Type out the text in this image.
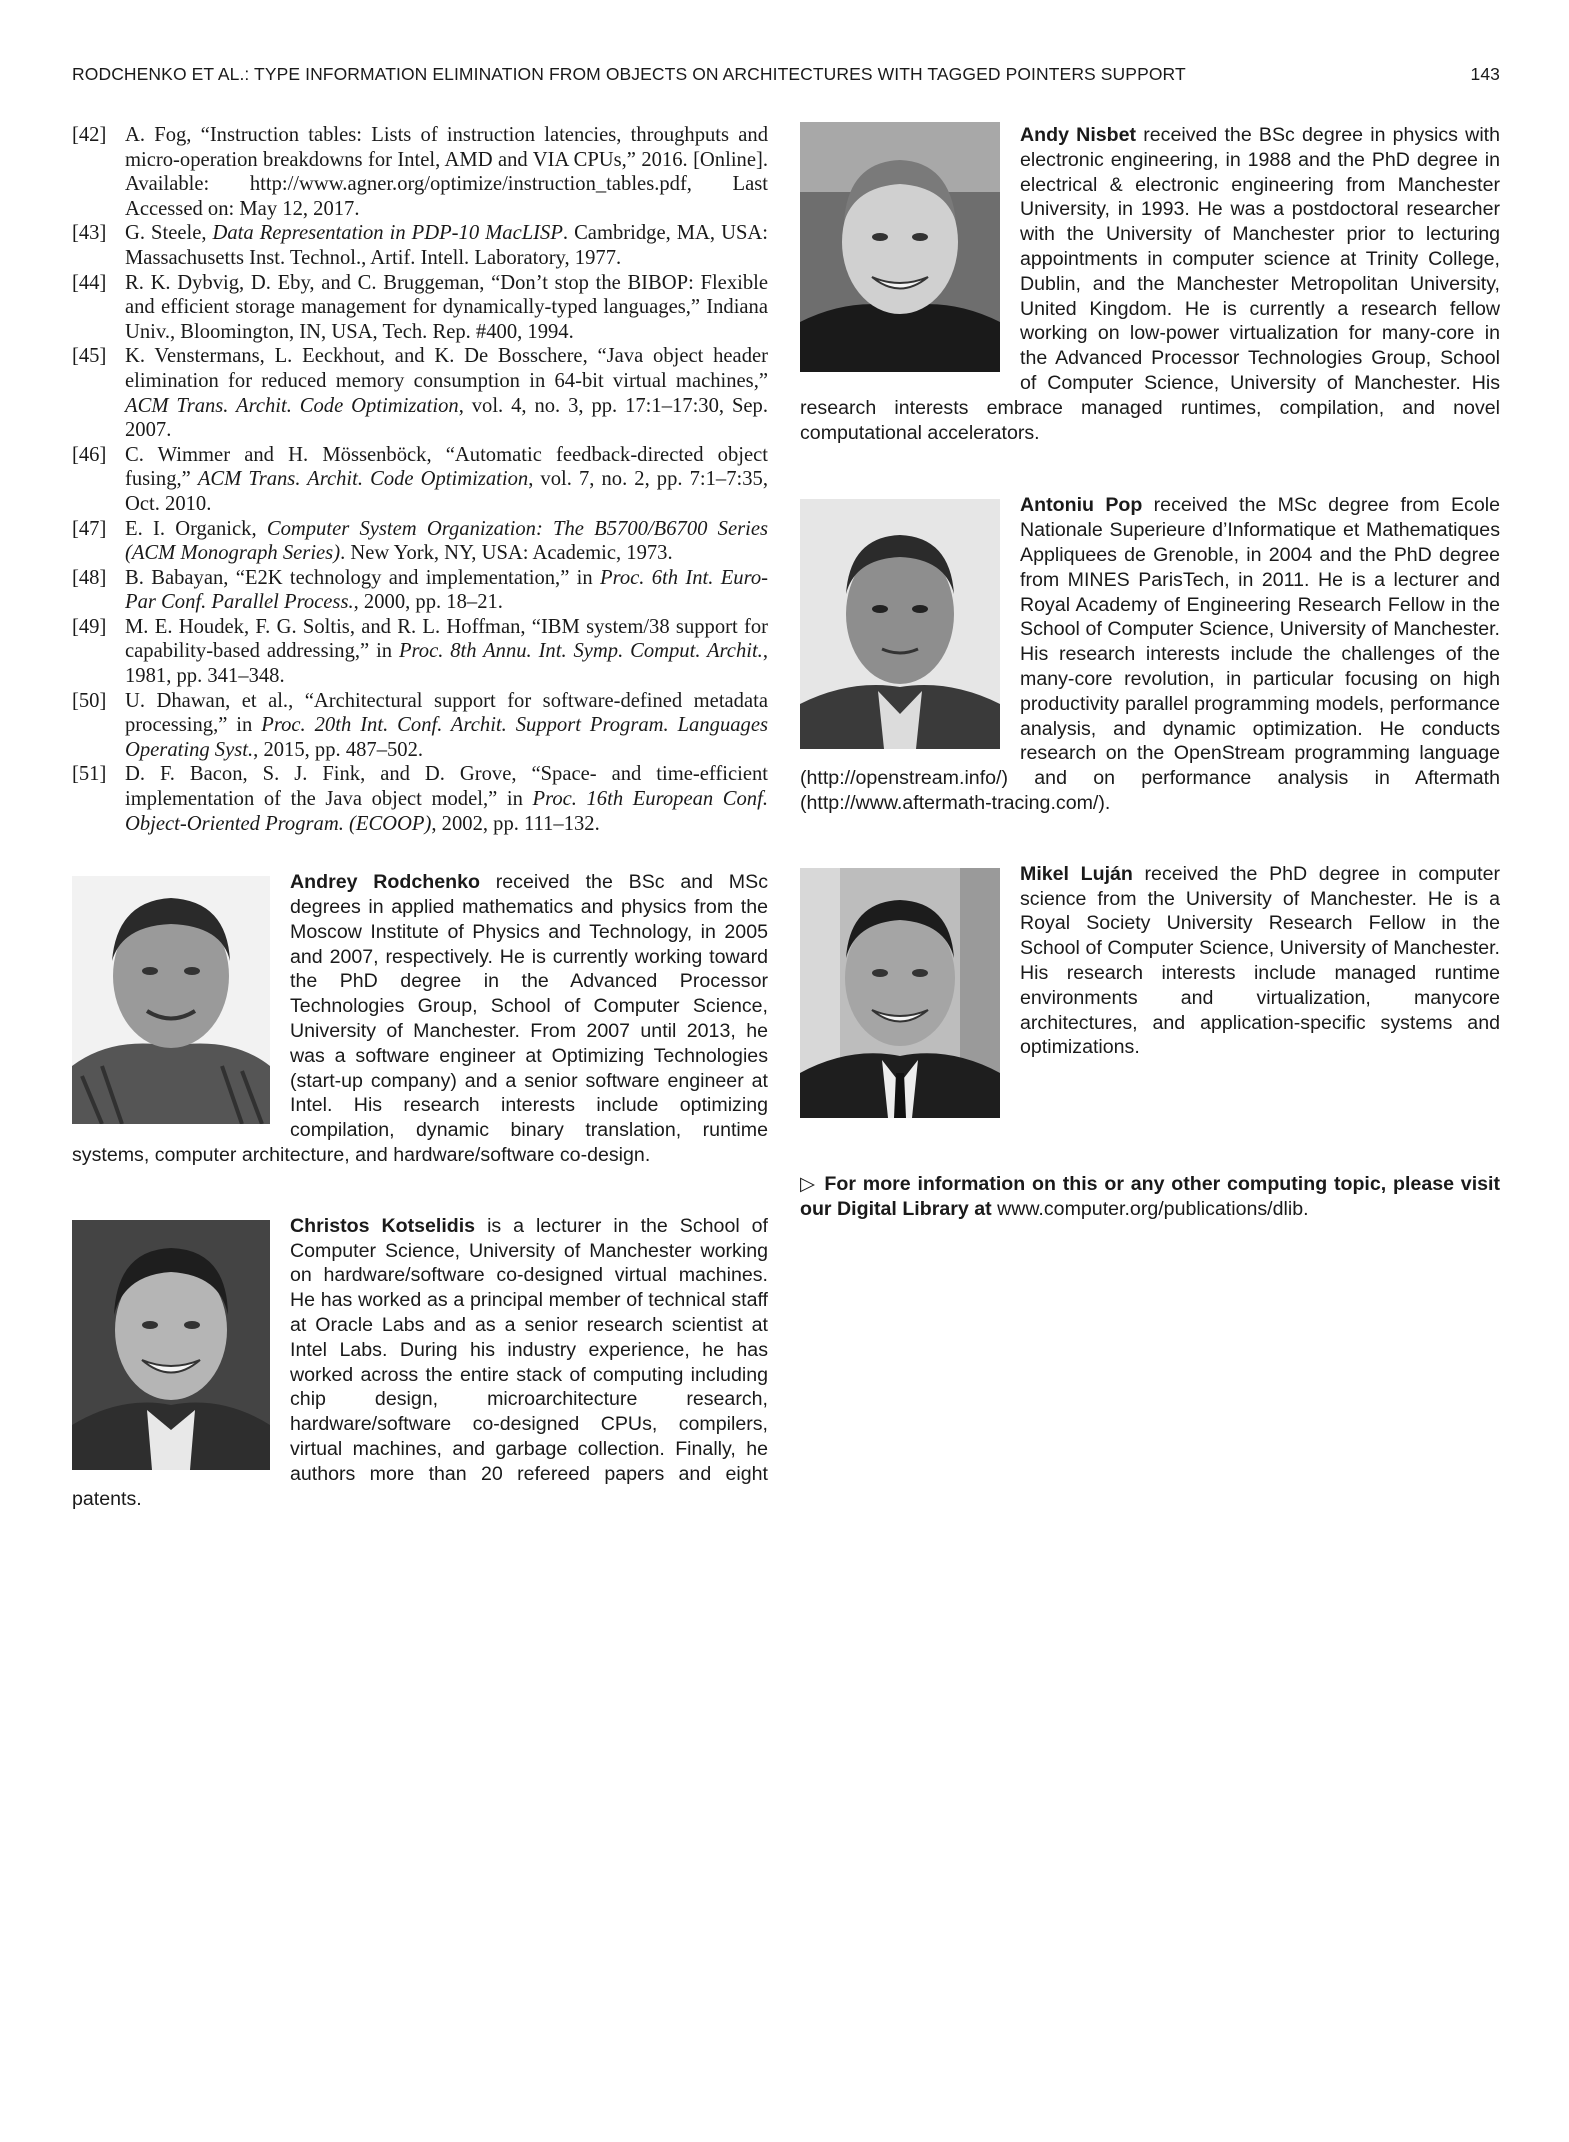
RODCHENKO ET AL.: TYPE INFORMATION ELIMINATION FROM OBJECTS ON ARCHITECTURES WITH TAGGED POINTERS SUPPORT	143
[42] A. Fog, “Instruction tables: Lists of instruction latencies, throughputs and micro-operation breakdowns for Intel, AMD and VIA CPUs,” 2016. [Online]. Available: http://www.agner.org/optimize/instruction_tables.pdf, Last Accessed on: May 12, 2017.
[43] G. Steele, Data Representation in PDP-10 MacLISP. Cambridge, MA, USA: Massachusetts Inst. Technol., Artif. Intell. Laboratory, 1977.
[44] R. K. Dybvig, D. Eby, and C. Bruggeman, “Don’t stop the BIBOP: Flexible and efficient storage management for dynamically-typed languages,” Indiana Univ., Bloomington, IN, USA, Tech. Rep. #400, 1994.
[45] K. Venstermans, L. Eeckhout, and K. De Bosschere, “Java object header elimination for reduced memory consumption in 64-bit virtual machines,” ACM Trans. Archit. Code Optimization, vol. 4, no. 3, pp. 17:1–17:30, Sep. 2007.
[46] C. Wimmer and H. Mössenböck, “Automatic feedback-directed object fusing,” ACM Trans. Archit. Code Optimization, vol. 7, no. 2, pp. 7:1–7:35, Oct. 2010.
[47] E. I. Organick, Computer System Organization: The B5700/B6700 Series (ACM Monograph Series). New York, NY, USA: Academic, 1973.
[48] B. Babayan, “E2K technology and implementation,” in Proc. 6th Int. Euro-Par Conf. Parallel Process., 2000, pp. 18–21.
[49] M. E. Houdek, F. G. Soltis, and R. L. Hoffman, “IBM system/38 support for capability-based addressing,” in Proc. 8th Annu. Int. Symp. Comput. Archit., 1981, pp. 341–348.
[50] U. Dhawan, et al., “Architectural support for software-defined metadata processing,” in Proc. 20th Int. Conf. Archit. Support Program. Languages Operating Syst., 2015, pp. 487–502.
[51] D. F. Bacon, S. J. Fink, and D. Grove, “Space- and time-efficient implementation of the Java object model,” in Proc. 16th European Conf. Object-Oriented Program. (ECOOP), 2002, pp. 111–132.

Andrey Rodchenko received the BSc and MSc degrees in applied mathematics and physics from the Moscow Institute of Physics and Technology, in 2005 and 2007, respectively. He is currently working toward the PhD degree in the Advanced Processor Technologies Group, School of Computer Science, University of Manchester. From 2007 until 2013, he was a software engineer at Optimizing Technologies (start-up company) and a senior software engineer at Intel. His research interests include optimizing compilation, dynamic binary translation, runtime systems, computer architecture, and hardware/software co-design.

Christos Kotselidis is a lecturer in the School of Computer Science, University of Manchester working on hardware/software co-designed virtual machines. He has worked as a principal member of technical staff at Oracle Labs and as a senior research scientist at Intel Labs. During his industry experience, he has worked across the entire stack of computing including chip design, microarchitecture research, hardware/software co-designed CPUs, compilers, virtual machines, and garbage collection. Finally, he authors more than 20 refereed papers and eight patents.

Andy Nisbet received the BSc degree in physics with electronic engineering, in 1988 and the PhD degree in electrical & electronic engineering from Manchester University, in 1993. He was a postdoctoral researcher with the University of Manchester prior to lecturing appointments in computer science at Trinity College, Dublin, and the Manchester Metropolitan University, United Kingdom. He is currently a research fellow working on low-power virtualization for many-core in the Advanced Processor Technologies Group, School of Computer Science, University of Manchester. His research interests embrace managed runtimes, compilation, and novel computational accelerators.

Antoniu Pop received the MSc degree from Ecole Nationale Superieure d’Informatique et Mathematiques Appliquees de Grenoble, in 2004 and the PhD degree from MINES ParisTech, in 2011. He is a lecturer and Royal Academy of Engineering Research Fellow in the School of Computer Science, University of Manchester. His research interests include the challenges of the many-core revolution, in particular focusing on high productivity parallel programming models, performance analysis, and dynamic optimization. He conducts research on the OpenStream programming language (http://openstream.info/) and on performance analysis in Aftermath (http://www.aftermath-tracing.com/).

Mikel Luján received the PhD degree in computer science from the University of Manchester. He is a Royal Society University Research Fellow in the School of Computer Science, University of Manchester. His research interests include managed runtime environments and virtualization, manycore architectures, and application-specific systems and optimizations.

▷ For more information on this or any other computing topic, please visit our Digital Library at www.computer.org/publications/dlib.
